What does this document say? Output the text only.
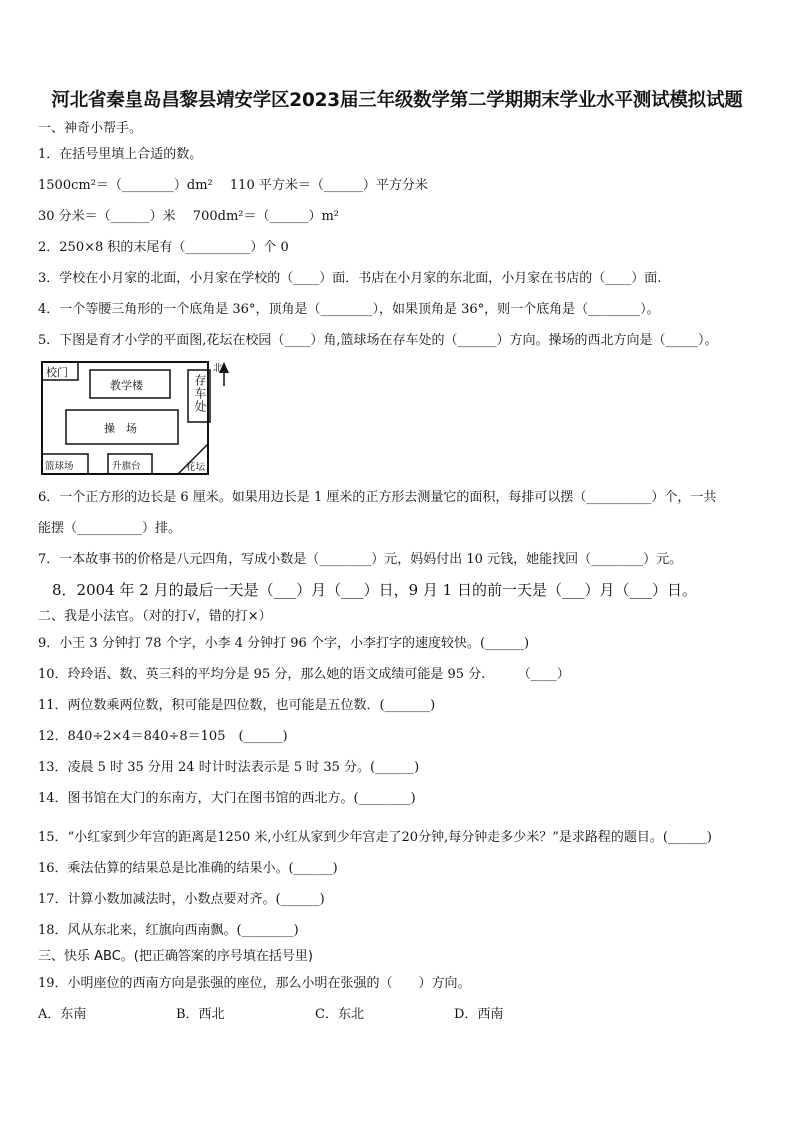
河北省秦皇岛昌黎县靖安学区2023届三年级数学第二学期期末学业水平测试模拟试题
一、神奇小帮手。
1．在括号里填上合适的数。
1500cm²＝（________）dm²　 110 平方米＝（______）平方分米
30 分米＝（______）米　 700dm²＝（______）m²
2．250×8 积的末尾有（__________）个 0
3．学校在小月家的北面，小月家在学校的（____）面．书店在小月家的东北面，小月家在书店的（____）面.
4．一个等腰三角形的一个底角是 36°，顶角是（________），如果顶角是 36°，则一个底角是（________）。
5．下图是育才小学的平面图,花坛在校园（____）角,篮球场在存车处的（______）方向。操场的西北方向是（_____）。
校门
教学楼	存车处
操　场
篮球场	升旗台	花坛
北
6．一个正方形的边长是 6 厘米。如果用边长是 1 厘米的正方形去测量它的面积，每排可以摆（__________）个，一共
能摆（__________）排。
7．一本故事书的价格是八元四角，写成小数是（________）元，妈妈付出 10 元钱，她能找回（________）元。
8．2004 年 2 月的最后一天是（___）月（___）日，9 月 1 日的前一天是（___）月（___）日。
二、我是小法官。（对的打√，错的打×）
9．小王 3 分钟打 78 个字，小李 4 分钟打 96 个字，小李打字的速度较快。(______)
10．玲玲语、数、英三科的平均分是 95 分，那么她的语文成绩可能是 95 分.　　　（____）
11．两位数乘两位数，积可能是四位数，也可能是五位数．(_______)
12．840÷2×4＝840÷8＝105　(______)
13．凌晨 5 时 35 分用 24 时计时法表示是 5 时 35 分。(______)
14．图书馆在大门的东南方，大门在图书馆的西北方。(________)
15．“小红家到少年宫的距离是1250 米,小红从家到少年宫走了20分钟,每分钟走多少米？”是求路程的题目。(______)
16．乘法估算的结果总是比准确的结果小。(______)
17．计算小数加减法时，小数点要对齐。(______)
18．风从东北来，红旗向西南飘。(________)
三、快乐 ABC。(把正确答案的序号填在括号里)
19．小明座位的西南方向是张强的座位，那么小明在张强的（　　）方向。
A．东南	B．西北	C．东北	D．西南
